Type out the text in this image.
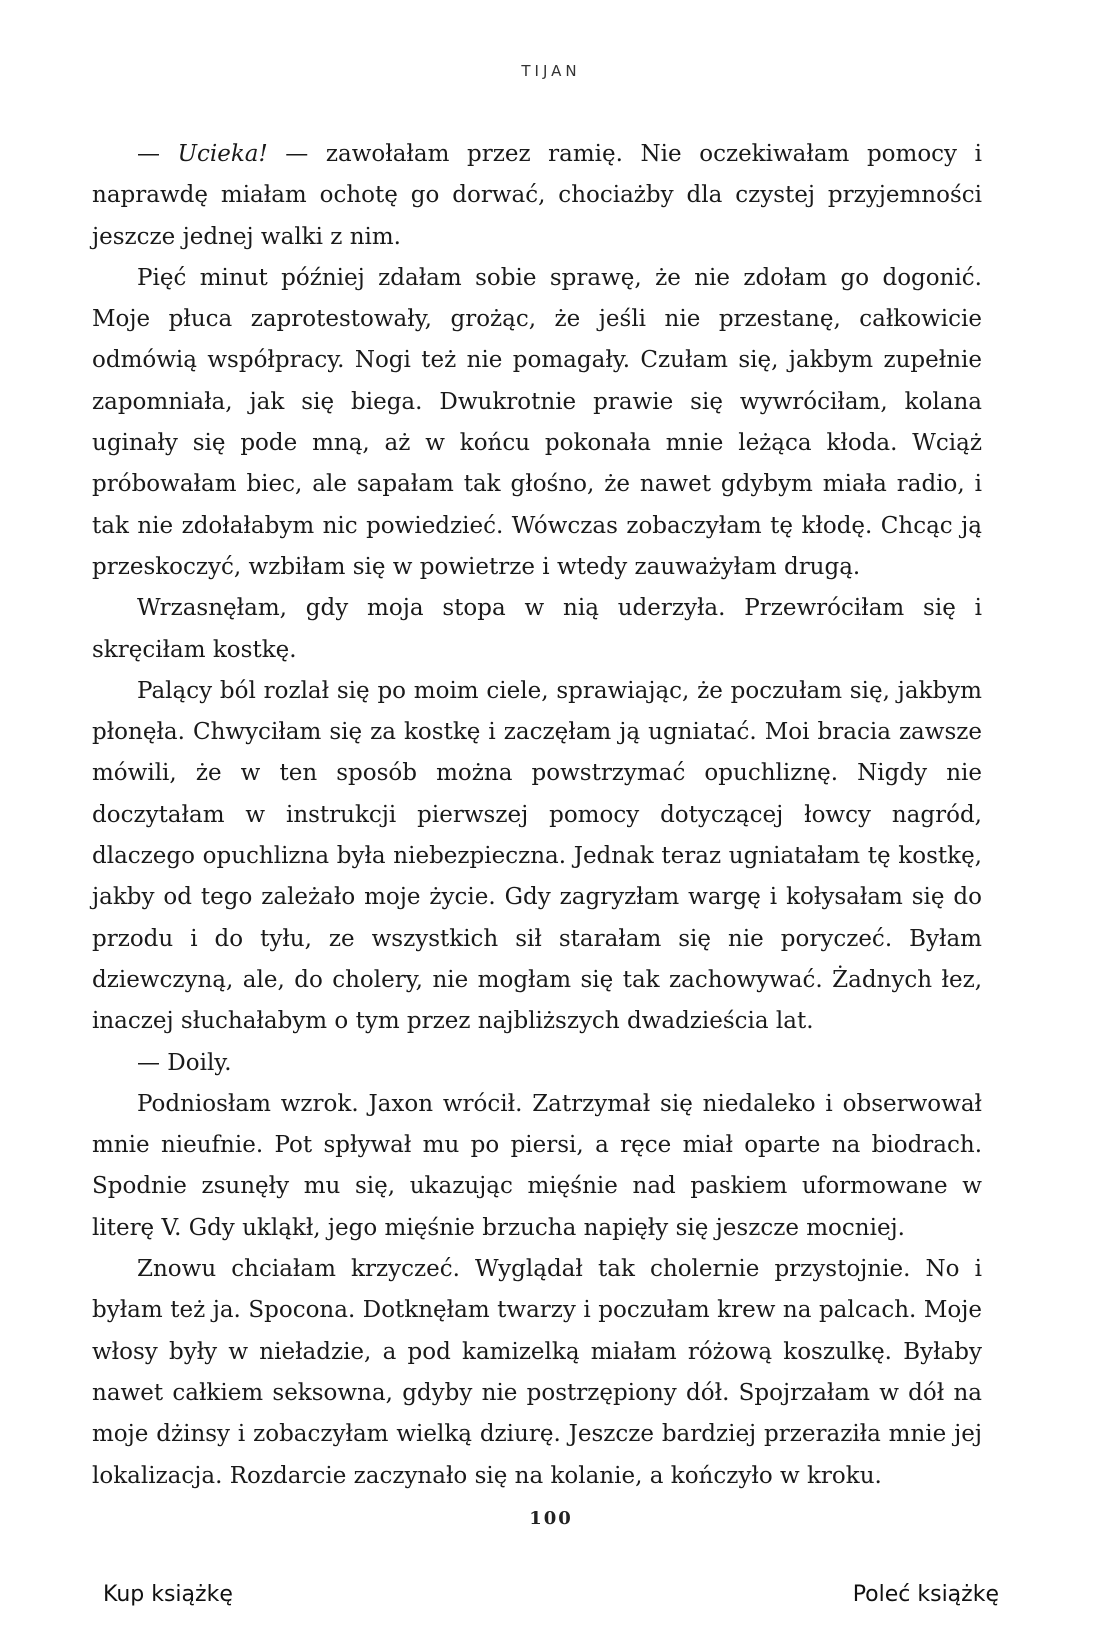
TIJAN

— Ucieka! — zawołałam przez ramię. Nie oczekiwałam pomocy i naprawdę miałam ochotę go dorwać, chociażby dla czystej przyjemności jeszcze jednej walki z nim.

Pięć minut później zdałam sobie sprawę, że nie zdołam go dogonić. Moje płuca zaprotestowały, grożąc, że jeśli nie przestanę, całkowicie odmówią współpracy. Nogi też nie pomagały. Czułam się, jakbym zupełnie zapomniała, jak się biega. Dwukrotnie prawie się wywróciłam, kolana uginały się pode mną, aż w końcu pokonała mnie leżąca kłoda. Wciąż próbowałam biec, ale sapałam tak głośno, że nawet gdybym miała radio, i tak nie zdołałabym nic powiedzieć. Wówczas zobaczyłam tę kłodę. Chcąc ją przeskoczyć, wzbiłam się w powietrze i wtedy zauważyłam drugą.

Wrzasnęłam, gdy moja stopa w nią uderzyła. Przewróciłam się i skręciłam kostkę.

Palący ból rozlał się po moim ciele, sprawiając, że poczułam się, jakbym płonęła. Chwyciłam się za kostkę i zaczęłam ją ugniatać. Moi bracia zawsze mówili, że w ten sposób można powstrzymać opuchliznę. Nigdy nie doczytałam w instrukcji pierwszej pomocy dotyczącej łowcy nagród, dlaczego opuchlizna była niebezpieczna. Jednak teraz ugniatałam tę kostkę, jakby od tego zależało moje życie. Gdy zagryzłam wargę i kołysałam się do przodu i do tyłu, ze wszystkich sił starałam się nie poryczeć. Byłam dziewczyną, ale, do cholery, nie mogłam się tak zachowywać. Żadnych łez, inaczej słuchałabym o tym przez najbliższych dwadzieścia lat.

— Doily.

Podniosłam wzrok. Jaxon wrócił. Zatrzymał się niedaleko i obserwował mnie nieufnie. Pot spływał mu po piersi, a ręce miał oparte na biodrach. Spodnie zsunęły mu się, ukazując mięśnie nad paskiem uformowane w literę V. Gdy ukląkł, jego mięśnie brzucha napięły się jeszcze mocniej.

Znowu chciałam krzyczeć. Wyglądał tak cholernie przystojnie. No i byłam też ja. Spocona. Dotknęłam twarzy i poczułam krew na palcach. Moje włosy były w nieładzie, a pod kamizelką miałam różową koszulkę. Byłaby nawet całkiem seksowna, gdyby nie postrzępiony dół. Spojrzałam w dół na moje dżinsy i zobaczyłam wielką dziurę. Jeszcze bardziej przeraziła mnie jej lokalizacja. Rozdarcie zaczynało się na kolanie, a kończyło w kroku.

100
Kup książkę	Poleć książkę
